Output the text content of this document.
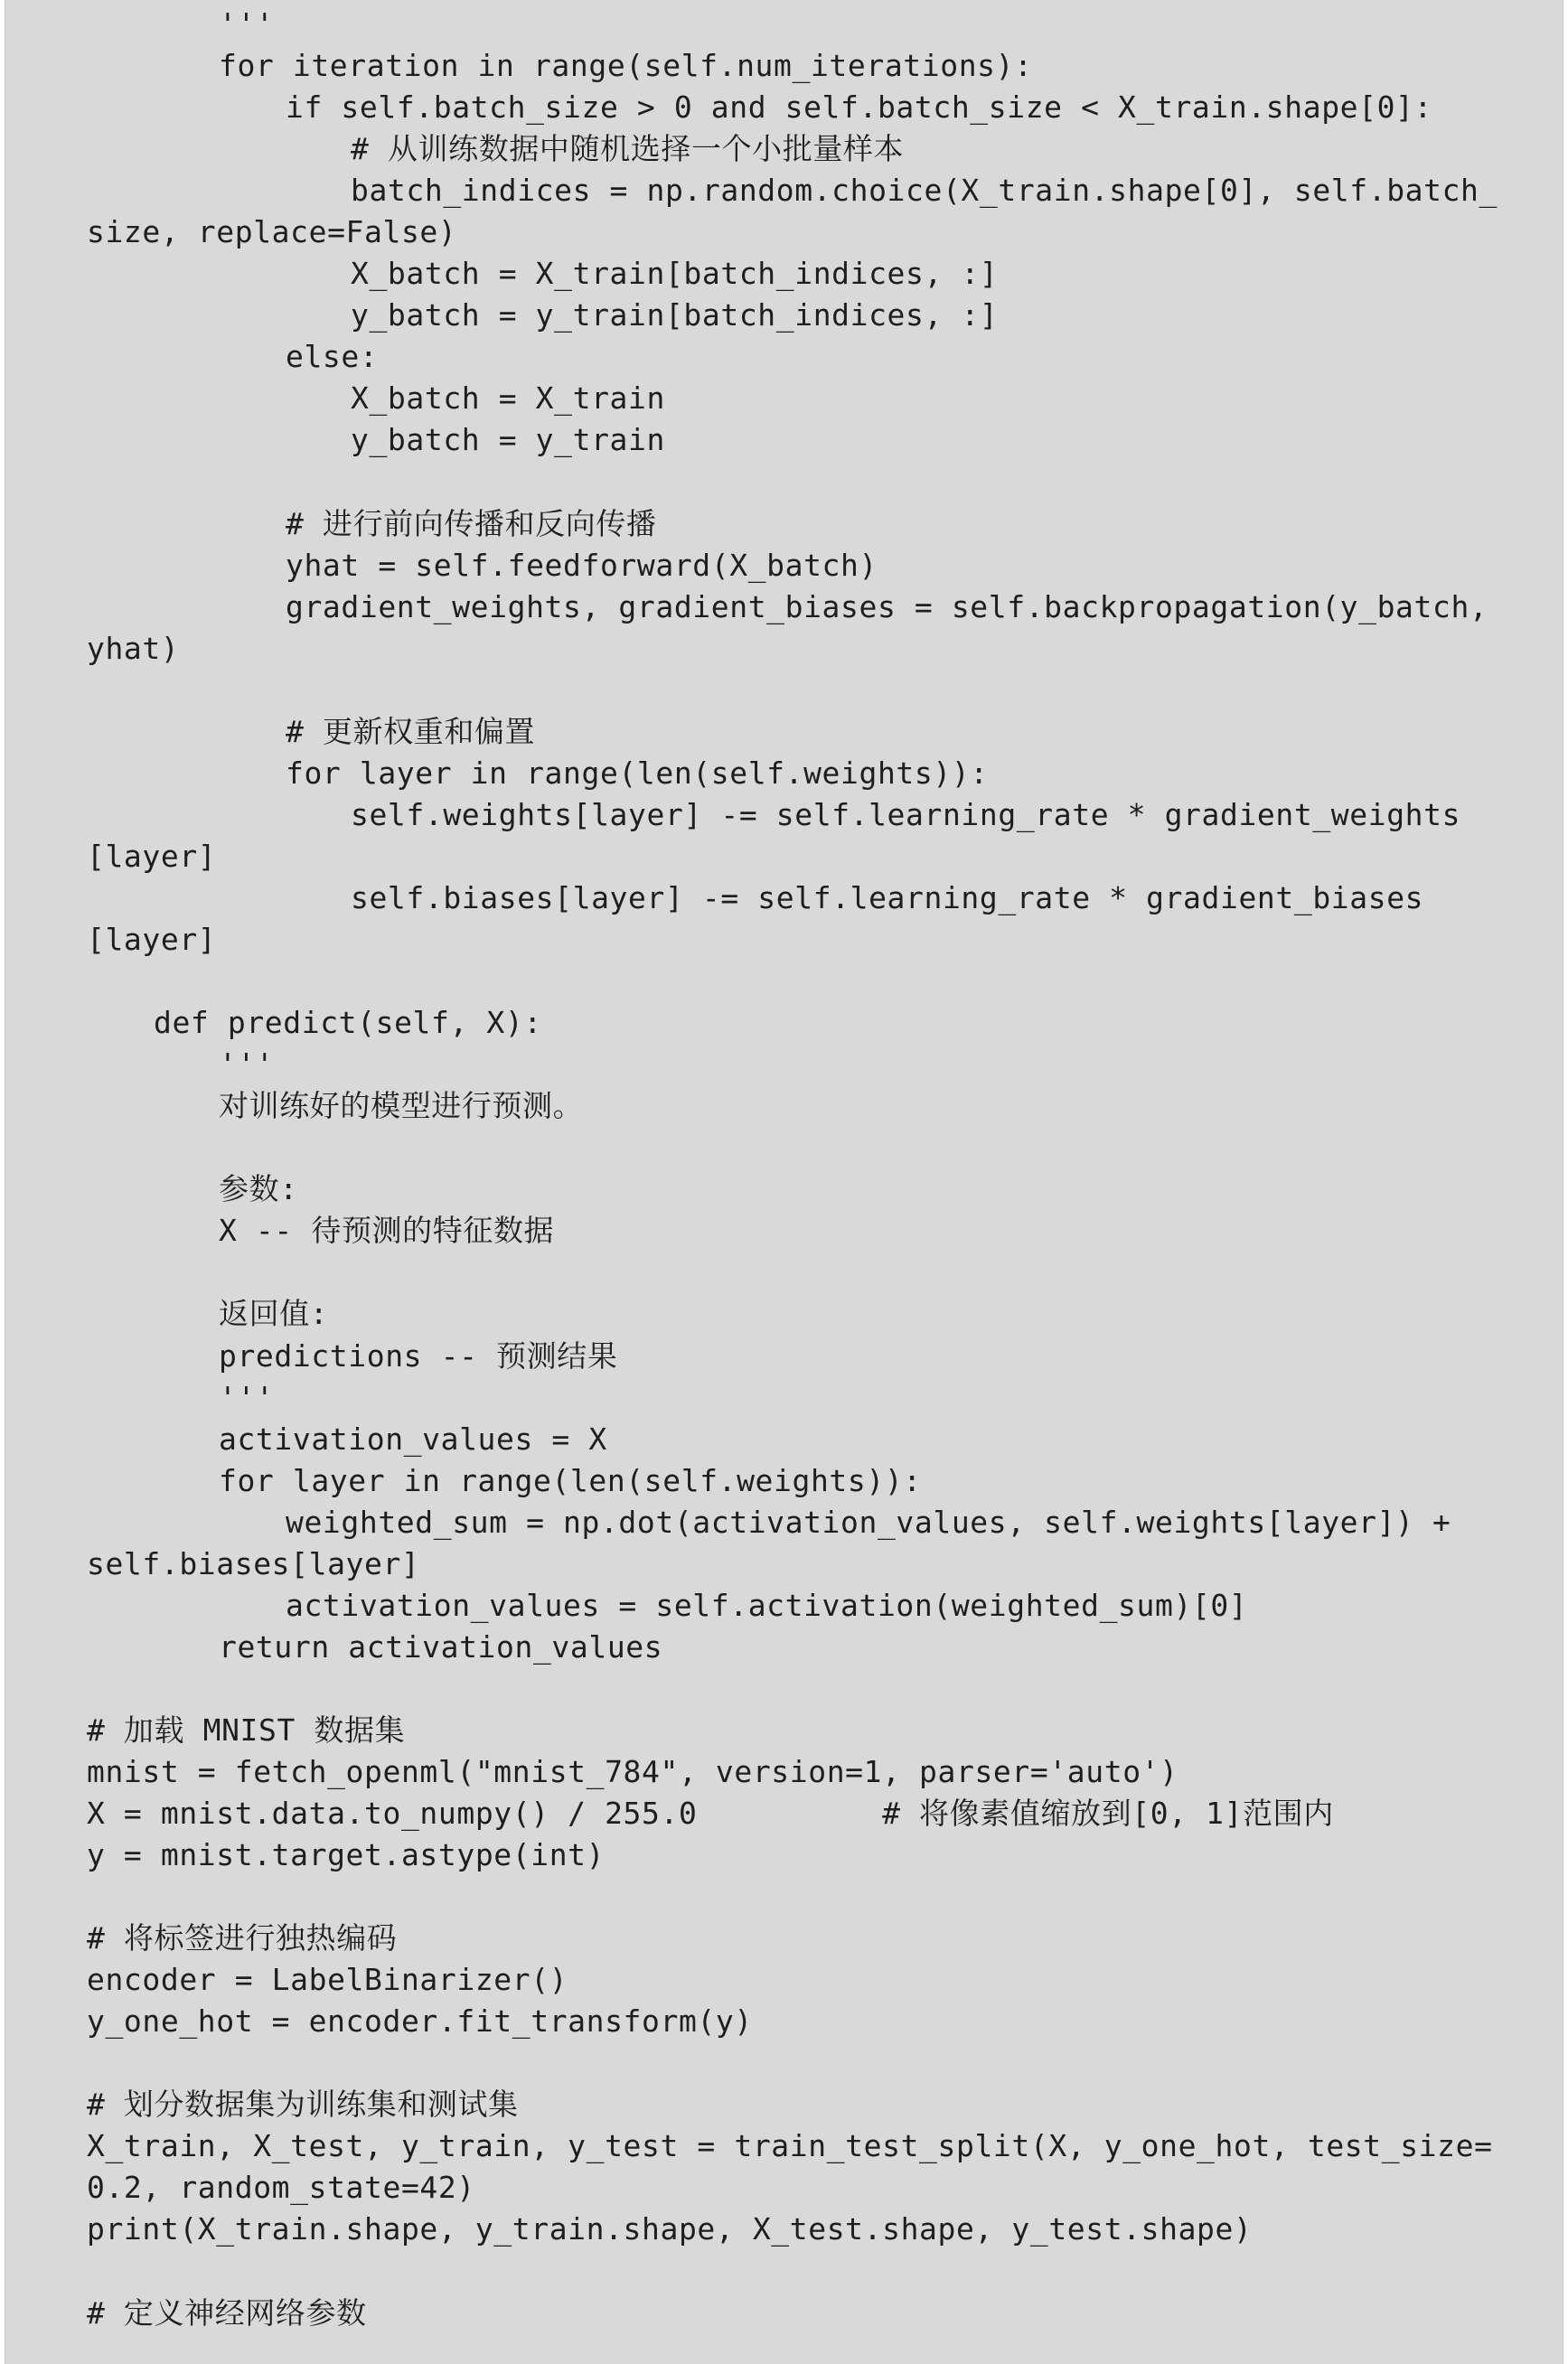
'''
for iteration in range(self.num_iterations):
if self.batch_size > 0 and self.batch_size < X_train.shape[0]:
# 从训练数据中随机选择一个小批量样本
batch_indices = np.random.choice(X_train.shape[0], self.batch_
size, replace=False)
X_batch = X_train[batch_indices, :]
y_batch = y_train[batch_indices, :]
else:
X_batch = X_train
y_batch = y_train
# 进行前向传播和反向传播
yhat = self.feedforward(X_batch)
gradient_weights, gradient_biases = self.backpropagation(y_batch,
yhat)
# 更新权重和偏置
for layer in range(len(self.weights)):
self.weights[layer] -= self.learning_rate * gradient_weights
[layer]
self.biases[layer] -= self.learning_rate * gradient_biases
[layer]
def predict(self, X):
'''
对训练好的模型进行预测。
参数:
X -- 待预测的特征数据
返回值:
predictions -- 预测结果
'''
activation_values = X
for layer in range(len(self.weights)):
weighted_sum = np.dot(activation_values, self.weights[layer]) +
self.biases[layer]
activation_values = self.activation(weighted_sum)[0]
return activation_values
# 加载 MNIST 数据集
mnist = fetch_openml("mnist_784", version=1, parser='auto')
X = mnist.data.to_numpy() / 255.0          # 将像素值缩放到[0, 1]范围内
y = mnist.target.astype(int)
# 将标签进行独热编码
encoder = LabelBinarizer()
y_one_hot = encoder.fit_transform(y)
# 划分数据集为训练集和测试集
X_train, X_test, y_train, y_test = train_test_split(X, y_one_hot, test_size=
0.2, random_state=42)
print(X_train.shape, y_train.shape, X_test.shape, y_test.shape)
# 定义神经网络参数
